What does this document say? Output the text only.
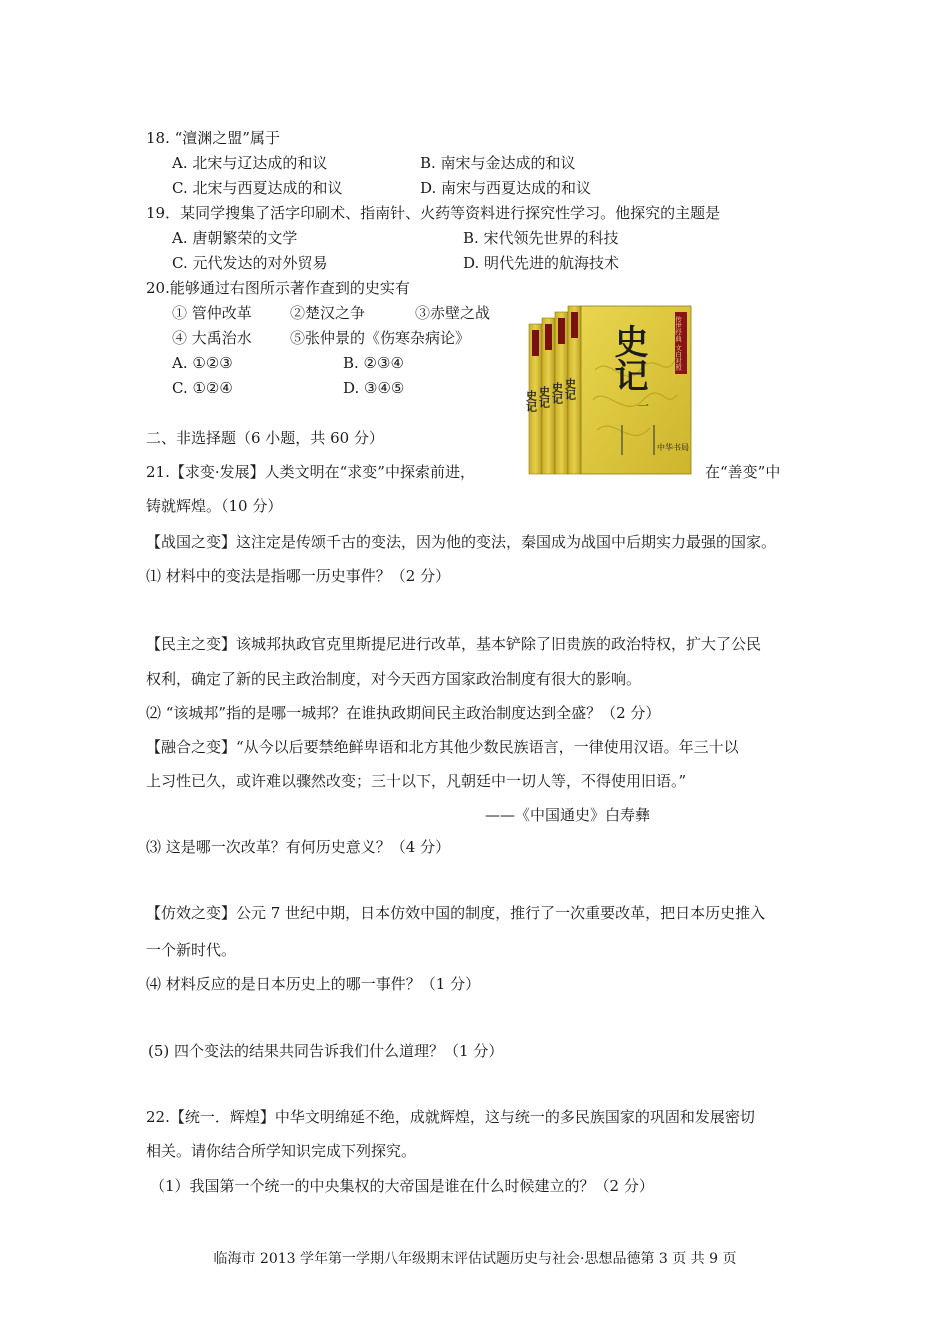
18. “澶渊之盟”属于
A. 北宋与辽达成的和议	B. 南宋与金达成的和议
C. 北宋与西夏达成的和议	D. 南宋与西夏达成的和议
19．某同学搜集了活字印刷术、指南针、火药等资料进行探究性学习。他探究的主题是
A. 唐朝繁荣的文学	B. 宋代领先世界的科技
C. 元代发达的对外贸易	D. 明代先进的航海技术
20.能够通过右图所示著作查到的史实有
① 管仲改革	②楚汉之争	③赤壁之战
④ 大禹治水	⑤张仲景的《伤寒杂病论》
A. ①②③	B. ②③④
C. ①②④	D. ③④⑤
史记 史记 史记 史记
传世经典 文白对照
史记
一
中华书局
二、非选择题（6 小题，共 60 分）
21.【求变·发展】人类文明在“求变”中探索前进，	在“善变”中
铸就辉煌。（10 分）
【战国之变】这注定是传颂千古的变法，因为他的变法，秦国成为战国中后期实力最强的国家。
⑴ 材料中的变法是指哪一历史事件？（2 分）
【民主之变】该城邦执政官克里斯提尼进行改革，基本铲除了旧贵族的政治特权，扩大了公民
权利，确定了新的民主政治制度，对今天西方国家政治制度有很大的影响。
⑵ “该城邦”指的是哪一城邦？在谁执政期间民主政治制度达到全盛？（2 分）
【融合之变】“从今以后要禁绝鲜卑语和北方其他少数民族语言，一律使用汉语。年三十以
上习性已久，或许难以骤然改变；三十以下，凡朝廷中一切人等，不得使用旧语。”
——《中国通史》白寿彝
⑶ 这是哪一次改革？有何历史意义？（4 分）
【仿效之变】公元 7 世纪中期，日本仿效中国的制度，推行了一次重要改革，把日本历史推入
一个新时代。
⑷ 材料反应的是日本历史上的哪一事件？（1 分）
(5) 四个变法的结果共同告诉我们什么道理？（1 分）
22.【统一．辉煌】中华文明绵延不绝，成就辉煌，这与统一的多民族国家的巩固和发展密切
相关。请你结合所学知识完成下列探究。
（1）我国第一个统一的中央集权的大帝国是谁在什么时候建立的？（2 分）
临海市 2013 学年第一学期八年级期末评估试题历史与社会·思想品德第 3 页 共 9 页
